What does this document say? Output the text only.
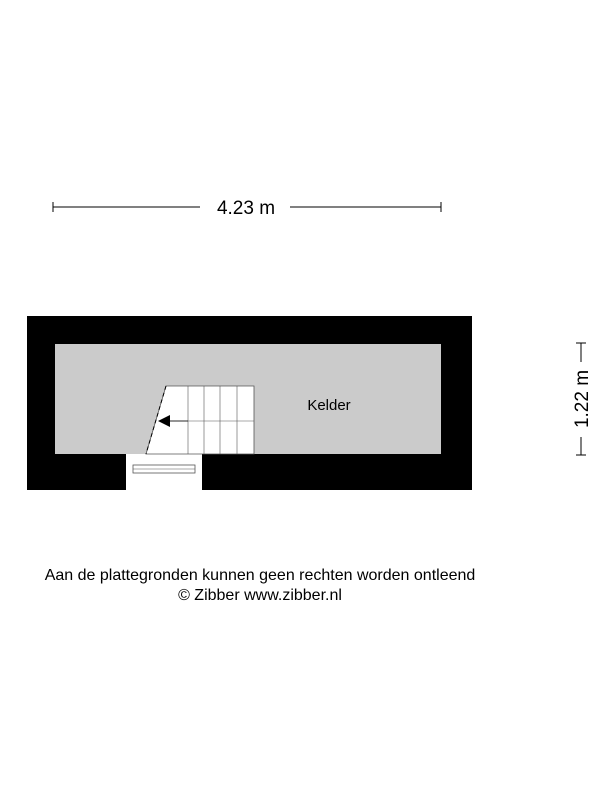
4.23 m
1.22 m
Kelder
Aan de plattegronden kunnen geen rechten worden ontleend
© Zibber www.zibber.nl
